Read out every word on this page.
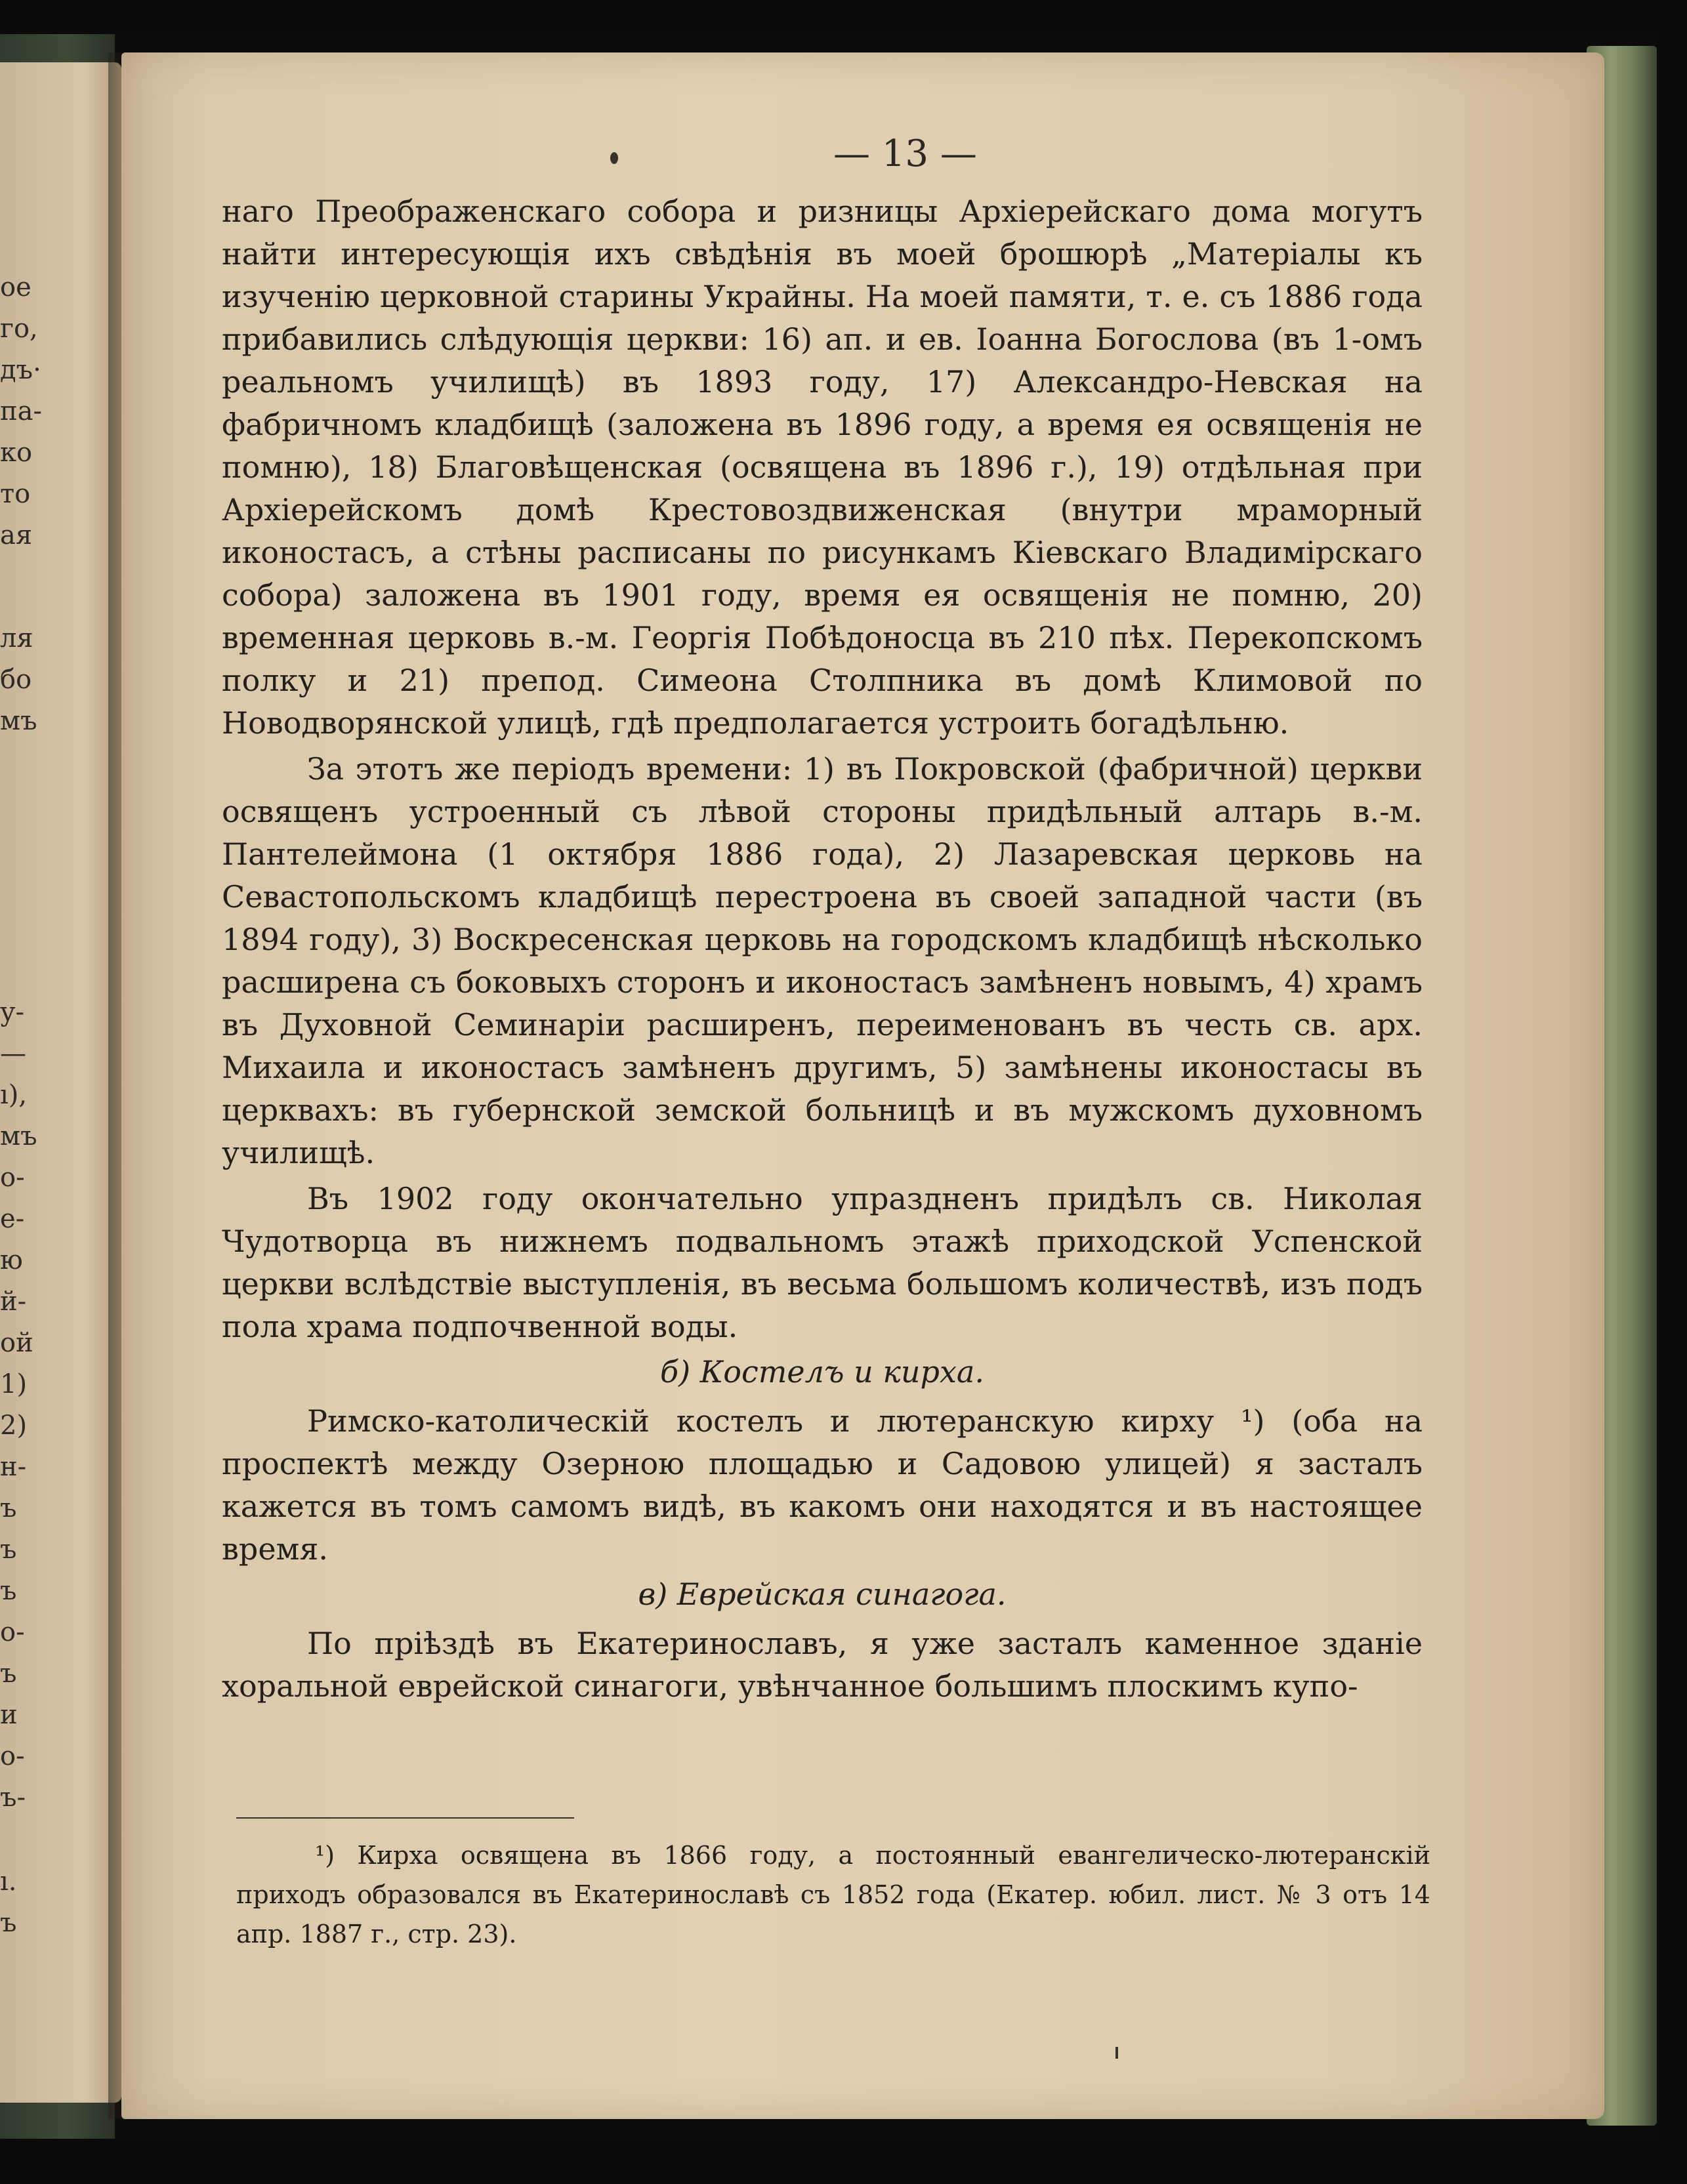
ое
го,
дъ·
па-
ко
то
ая
ля
бо
мъ
у-
—
ı),
мъ
о-
е-
ю
й-
ой
1)
2)
н-
ъ
ъ
ъ
о-
ъ
и
о-
ъ-
ı.
ъ
— 13 —

наго Преображенскаго собора и ризницы Архіерейскаго дома могутъ найти интересующія ихъ свѣдѣнія въ моей брошюрѣ „Матеріалы къ изученію церковной старины Украйны. На моей памяти, т. е. съ 1886 года прибавились слѣдующія церкви: 16) ап. и ев. Іоанна Богослова (въ 1-омъ реальномъ училищѣ) въ 1893 году, 17) Александро-Невская на фабричномъ кладбищѣ (заложена въ 1896 году, а время ея освященія не помню), 18) Благовѣщенская (освящена въ 1896 г.), 19) отдѣльная при Архіерейскомъ домѣ Крестовоздвиженская (внутри мраморный иконостасъ, а стѣны расписаны по рисункамъ Кіевскаго Владимірскаго собора) заложена въ 1901 году, время ея освященія не помню, 20) временная церковь в.-м. Георгія Побѣдоносца въ 210 пѣх. Перекопскомъ полку и 21) препод. Симеона Столпника въ домѣ Климовой по Новодворянской улицѣ, гдѣ предполагается устроить богадѣльню.

За этотъ же періодъ времени: 1) въ Покровской (фабричной) церкви освященъ устроенный съ лѣвой стороны придѣльный алтарь в.-м. Пантелеймона (1 октября 1886 года), 2) Лазаревская церковь на Севастопольскомъ кладбищѣ перестроена въ своей западной части (въ 1894 году), 3) Воскресенская церковь на городскомъ кладбищѣ нѣсколько расширена съ боковыхъ сторонъ и иконостасъ замѣненъ новымъ, 4) храмъ въ Духовной Семинаріи расширенъ, переименованъ въ честь св. арх. Михаила и иконостасъ замѣненъ другимъ, 5) замѣнены иконостасы въ церквахъ: въ губернской земской больницѣ и въ мужскомъ духовномъ училищѣ.

Въ 1902 году окончательно упраздненъ придѣлъ св. Николая Чудотворца въ нижнемъ подвальномъ этажѣ приходской Успенской церкви вслѣдствіе выступленія, въ весьма большомъ количествѣ, изъ подъ пола храма подпочвенной воды.

б) Костелъ и кирха.

Римско-католическій костелъ и лютеранскую кирху ¹) (оба на проспектѣ между Озерною площадью и Садовою улицей) я засталъ кажется въ томъ самомъ видѣ, въ какомъ они находятся и въ настоящее время.

в) Еврейская синагога.

По пріѣздѣ въ Екатеринославъ, я уже засталъ каменное зданіе хоральной еврейской синагоги, увѣнчанное большимъ плоскимъ купо-

¹) Кирха освящена въ 1866 году, а постоянный евангелическо-лютеранскій приходъ образовался въ Екатеринославѣ съ 1852 года (Екатер. юбил. лист. № 3 отъ 14 апр. 1887 г., стр. 23).
